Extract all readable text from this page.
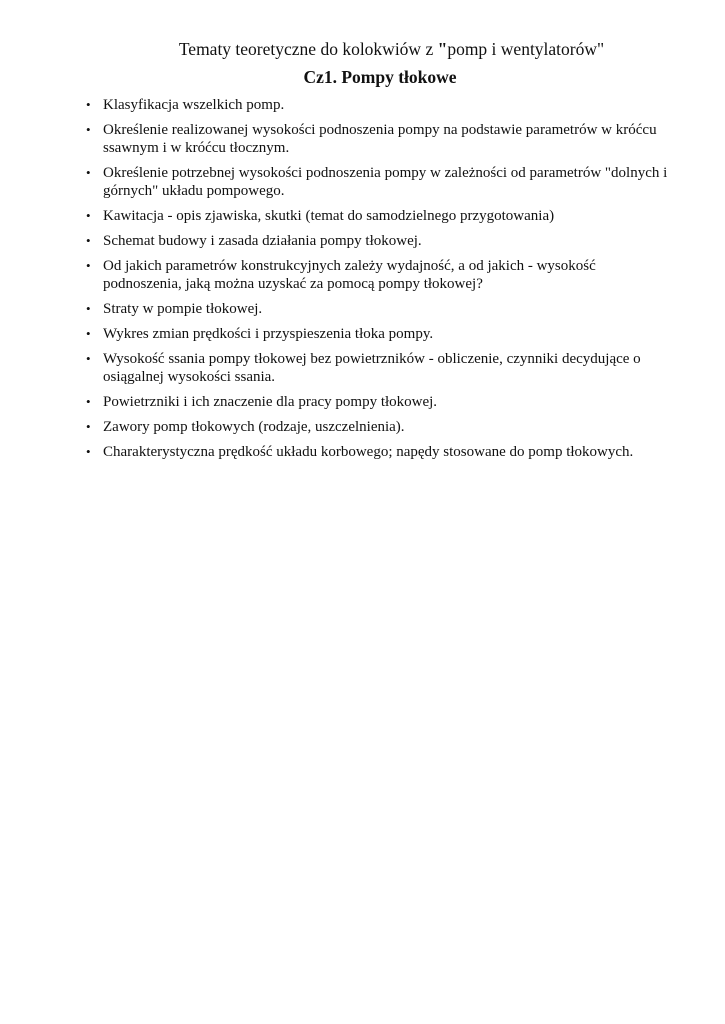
Tematy teoretyczne do kolokwiów z "pomp i wentylatorów"
Cz1. Pompy tłokowe
• Klasyfikacja wszelkich pomp.
• Określenie realizowanej wysokości podnoszenia pompy na podstawie parametrów w króćcu ssawnym i w króćcu tłocznym.
• Określenie potrzebnej wysokości podnoszenia pompy w zależności od parametrów "dolnych i górnych" układu pompowego.
• Kawitacja - opis zjawiska, skutki (temat do samodzielnego przygotowania)
• Schemat budowy i zasada działania pompy tłokowej.
• Od jakich parametrów konstrukcyjnych zależy wydajność, a od jakich - wysokość podnoszenia, jaką można uzyskać za pomocą pompy tłokowej?
• Straty w pompie tłokowej.
• Wykres zmian prędkości i przyspieszenia tłoka pompy.
• Wysokość ssania pompy tłokowej bez powietrzników - obliczenie, czynniki decydujące o osiągalnej wysokości ssania.
• Powietrzniki i ich znaczenie dla pracy pompy tłokowej.
• Zawory pomp tłokowych (rodzaje, uszczelnienia).
• Charakterystyczna prędkość układu korbowego; napędy stosowane do pomp tłokowych.
